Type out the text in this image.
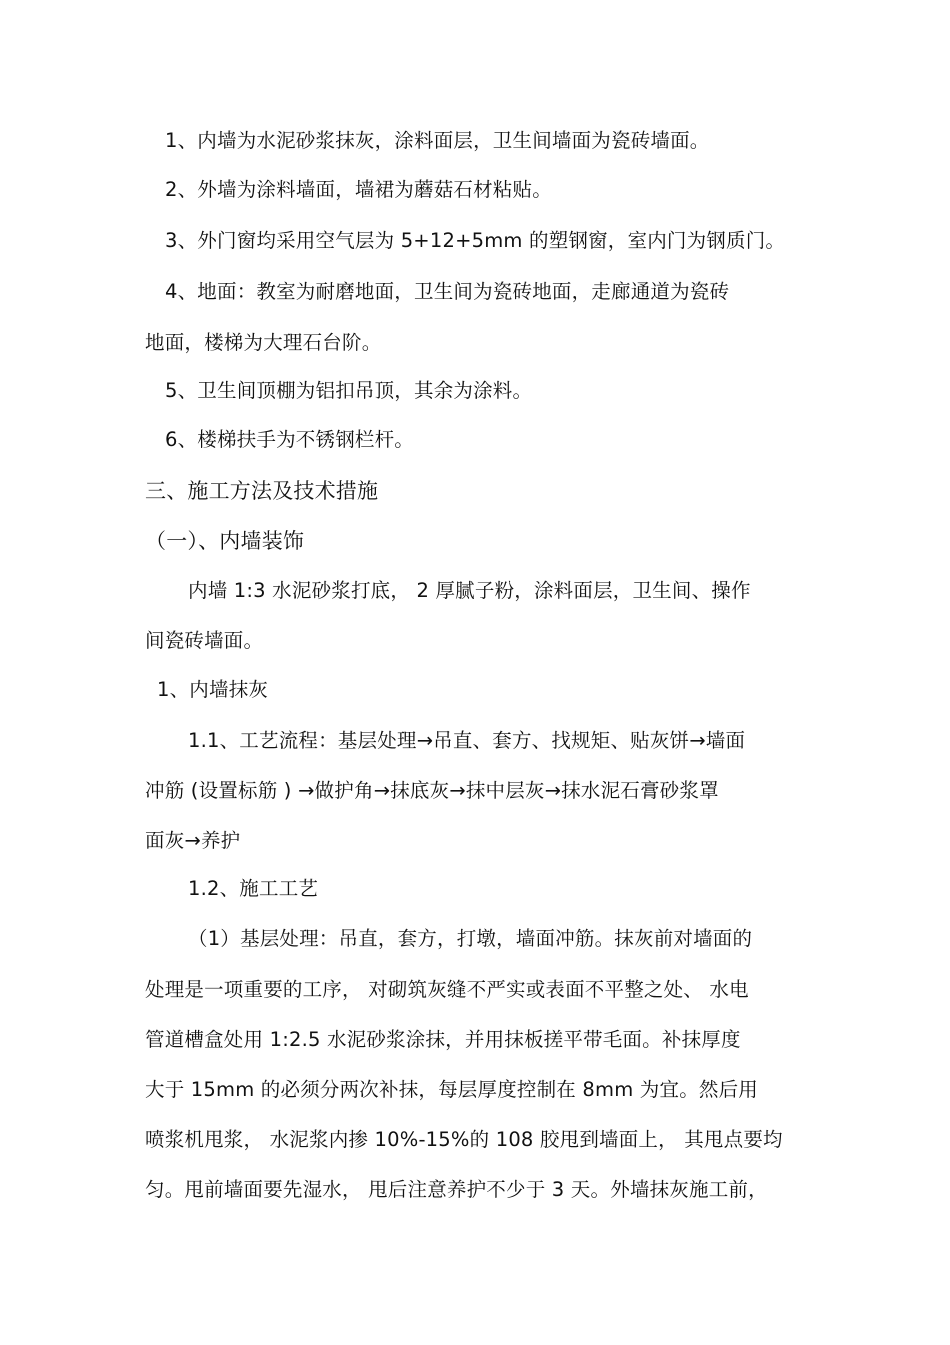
1、内墙为水泥砂浆抹灰，涂料面层，卫生间墙面为瓷砖墙面。
2、外墙为涂料墙面，墙裙为蘑菇石材粘贴。
3、外门窗均采用空气层为 5+12+5mm 的塑钢窗，室内门为钢质门。
4、地面：教室为耐磨地面，卫生间为瓷砖地面，走廊通道为瓷砖
地面，楼梯为大理石台阶。
5、卫生间顶棚为铝扣吊顶，其余为涂料。
6、楼梯扶手为不锈钢栏杆。
三、施工方法及技术措施
（一）、内墙装饰
内墙 1:3 水泥砂浆打底， 2 厚腻子粉，涂料面层，卫生间、操作
间瓷砖墙面。
1、内墙抹灰
1.1、工艺流程：基层处理→吊直、套方、找规矩、贴灰饼→墙面
冲筋 (设置标筋 ) →做护角→抹底灰→抹中层灰→抹水泥石膏砂浆罩
面灰→养护
1.2、施工工艺
（1）基层处理：吊直，套方，打墩，墙面冲筋。抹灰前对墙面的
处理是一项重要的工序， 对砌筑灰缝不严实或表面不平整之处、 水电
管道槽盒处用 1:2.5 水泥砂浆涂抹，并用抹板搓平带毛面。补抹厚度
大于 15mm 的必须分两次补抹，每层厚度控制在 8mm 为宜。然后用
喷浆机甩浆， 水泥浆内掺 10%-15%的 108 胶甩到墙面上， 其甩点要均
匀。甩前墙面要先湿水， 甩后注意养护不少于 3 天。外墙抹灰施工前，
